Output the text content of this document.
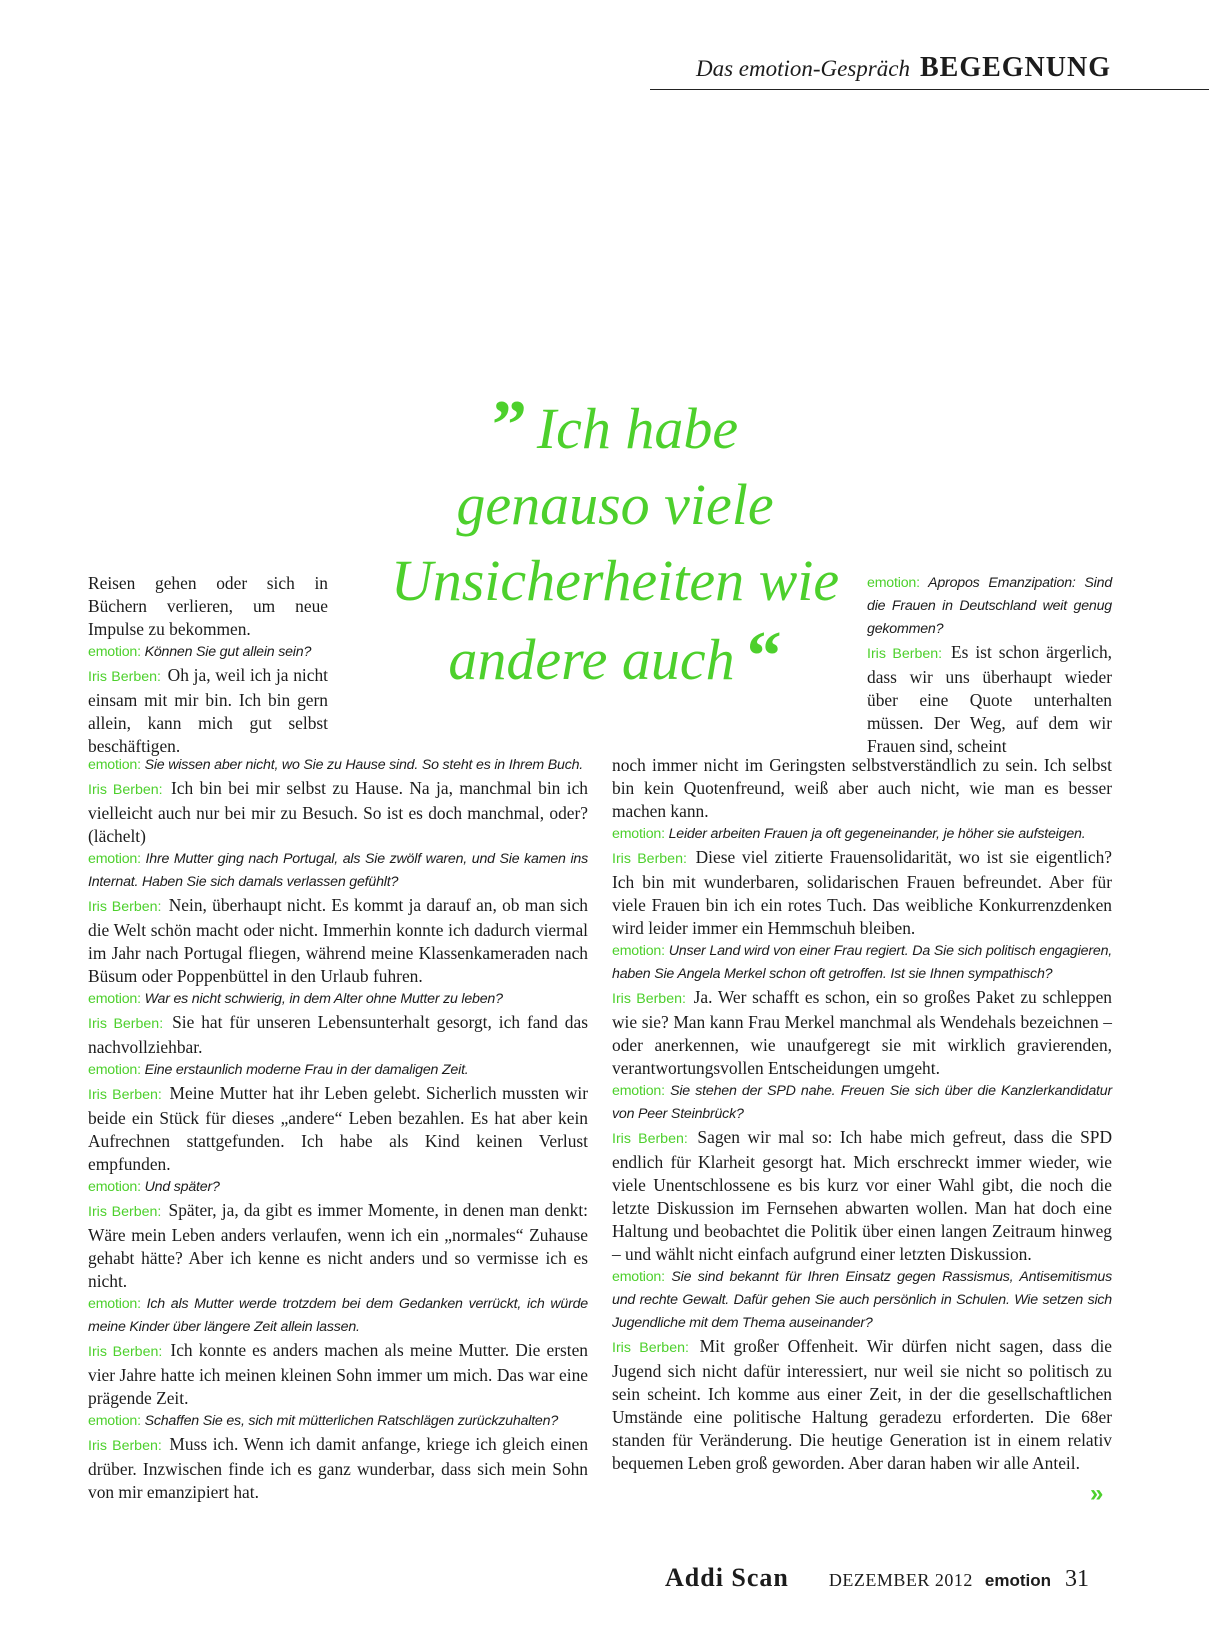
Das emotion-Gespräch BEGEGNUNG
” Ich habe
genauso viele
Unsicherheiten wie
andere auch “

Reisen gehen oder sich in Büchern verlieren, um neue Impulse zu bekommen.

emotion: Können Sie gut allein sein?

Iris Berben: Oh ja, weil ich ja nicht einsam mit mir bin. Ich bin gern allein, kann mich gut selbst beschäftigen.

emotion: Sie wissen aber nicht, wo Sie zu Hause sind. So steht es in Ihrem Buch.

Iris Berben: Ich bin bei mir selbst zu Hause. Na ja, manchmal bin ich vielleicht auch nur bei mir zu Besuch. So ist es doch manchmal, oder? (lächelt)

emotion: Ihre Mutter ging nach Portugal, als Sie zwölf waren, und Sie kamen ins Internat. Haben Sie sich damals verlassen gefühlt?

Iris Berben: Nein, überhaupt nicht. Es kommt ja darauf an, ob man sich die Welt schön macht oder nicht. Immerhin konnte ich dadurch viermal im Jahr nach Portugal fliegen, während meine Klassenkameraden nach Büsum oder Poppenbüttel in den Urlaub fuhren.

emotion: War es nicht schwierig, in dem Alter ohne Mutter zu leben?

Iris Berben: Sie hat für unseren Lebensunterhalt gesorgt, ich fand das nachvollziehbar.

emotion: Eine erstaunlich moderne Frau in der damaligen Zeit.

Iris Berben: Meine Mutter hat ihr Leben gelebt. Sicherlich mussten wir beide ein Stück für dieses „andere“ Leben bezahlen. Es hat aber kein Aufrechnen stattgefunden. Ich habe als Kind keinen Verlust empfunden.

emotion: Und später?

Iris Berben: Später, ja, da gibt es immer Momente, in denen man denkt: Wäre mein Leben anders verlaufen, wenn ich ein „normales“ Zuhause gehabt hätte? Aber ich kenne es nicht anders und so vermisse ich es nicht.

emotion: Ich als Mutter werde trotzdem bei dem Gedanken verrückt, ich würde meine Kinder über längere Zeit allein lassen.

Iris Berben: Ich konnte es anders machen als meine Mutter. Die ersten vier Jahre hatte ich meinen kleinen Sohn immer um mich. Das war eine prägende Zeit.

emotion: Schaffen Sie es, sich mit mütterlichen Ratschlägen zurückzuhalten?

Iris Berben: Muss ich. Wenn ich damit anfange, kriege ich gleich einen drüber. Inzwischen finde ich es ganz wunderbar, dass sich mein Sohn von mir emanzipiert hat.

emotion: Apropos Emanzipation: Sind die Frauen in Deutschland weit genug gekommen?

Iris Berben: Es ist schon ärgerlich, dass wir uns überhaupt wieder über eine Quote unterhalten müssen. Der Weg, auf dem wir Frauen sind, scheint

noch immer nicht im Geringsten selbstverständlich zu sein. Ich selbst bin kein Quotenfreund, weiß aber auch nicht, wie man es besser machen kann.

emotion: Leider arbeiten Frauen ja oft gegeneinander, je höher sie aufsteigen.

Iris Berben: Diese viel zitierte Frauensolidarität, wo ist sie eigentlich? Ich bin mit wunderbaren, solidarischen Frauen befreundet. Aber für viele Frauen bin ich ein rotes Tuch. Das weibliche Konkurrenzdenken wird leider immer ein Hemmschuh bleiben.

emotion: Unser Land wird von einer Frau regiert. Da Sie sich politisch engagieren, haben Sie Angela Merkel schon oft getroffen. Ist sie Ihnen sympathisch?

Iris Berben: Ja. Wer schafft es schon, ein so großes Paket zu schleppen wie sie? Man kann Frau Merkel manchmal als Wendehals bezeichnen – oder anerkennen, wie unaufgeregt sie mit wirklich gravierenden, verantwortungsvollen Entscheidungen umgeht.

emotion: Sie stehen der SPD nahe. Freuen Sie sich über die Kanzlerkandidatur von Peer Steinbrück?

Iris Berben: Sagen wir mal so: Ich habe mich gefreut, dass die SPD endlich für Klarheit gesorgt hat. Mich erschreckt immer wieder, wie viele Unentschlossene es bis kurz vor einer Wahl gibt, die noch die letzte Diskussion im Fernsehen abwarten wollen. Man hat doch eine Haltung und beobachtet die Politik über einen langen Zeitraum hinweg – und wählt nicht einfach aufgrund einer letzten Diskussion.

emotion: Sie sind bekannt für Ihren Einsatz gegen Rassismus, Antisemitismus und rechte Gewalt. Dafür gehen Sie auch persönlich in Schulen. Wie setzen sich Jugendliche mit dem Thema auseinander?

Iris Berben: Mit großer Offenheit. Wir dürfen nicht sagen, dass die Jugend sich nicht dafür interessiert, nur weil sie nicht so politisch zu sein scheint. Ich komme aus einer Zeit, in der die gesellschaftlichen Umstände eine politische Haltung geradezu erforderten. Die 68er standen für Veränderung. Die heutige Generation ist in einem relativ bequemen Leben groß geworden. Aber daran haben wir alle Anteil.

»
Addi Scan DEZEMBER 2012 emotion 31
